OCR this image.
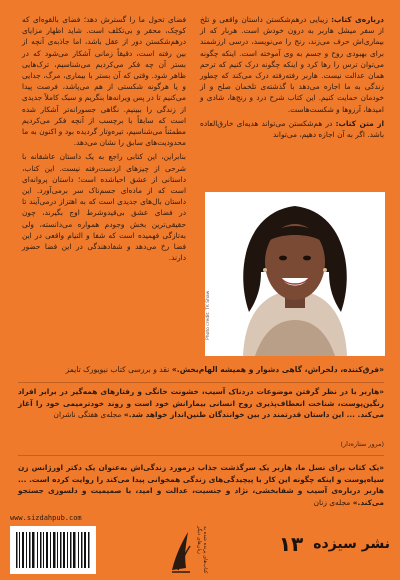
درباره‌ی کتاب: زیبایی درهم‌شکستن داستان واقعی و تلخ از سفر میشل هاربر به درون خودش است. هربار که از بیماری‌اش حرف می‌زند، رنج را می‌نویسد، درسی ارزشمند برای بهبودی روح و جسم به وی آموخته است. اینکه چگونه می‌توان ترس را رها کرد و اینکه چگونه درک کنیم که ترحم همان عدالت نیست. هاربر رفته‌رفته درک می‌کند که چطور زندگی به ما اجازه می‌دهد با گذشته‌ی تلخمان صلح و از خودمان حمایت کنیم. این کتاب شرح درد و رنج‌ها، شادی و امیدها، آرزوها و شکست‌هاست.

از متن کتاب: در هم‌شکستن می‌تواند هدیه‌ای خارق‌العاده باشد. اگر به آن اجازه دهیم، می‌تواند

فضای تحول ما را گسترش دهد؛ فضای بالقوه‌ای که کوچک، محقر و بی‌تکلف است. شاید اظهار مزایای درهم‌شکستن دور از عقل باشد، اما جاذبه‌ی آنچه از بین رفته است، دقیقاً زمانی آشکار می‌شود که در بستر آن چه فکر می‌کردیم می‌شناسیم، ترک‌هایی ظاهر شود. وقتی که آن بستر با بیماری، مرگ، جدایی و یا هرگونه شکستی از هم می‌پاشد، فرصت پیدا می‌کنیم تا در پس ویرانه‌ها بنگریم و سبک کاملاً جدیدی از زندگی را ببینیم. نگاهی جسورانه‌تر آشکار شده است که سابقاً با برچسب از آنچه فکر می‌کردیم مطمئناً می‌شناسیم، تیره‌وتار گردیده بود و اکنون به ما محدودیت‌های سابق را نشان می‌دهد.

بنابراین، این کتابی راجع به یک داستان عاشقانه با شرحی از چیزهای ازدست‌رفته نیست. این کتاب، داستانی از عشق احیاشده است؛ داستان پروانه‌ای است که از ماده‌ای جسم‌ناک سر برمی‌آورد. این داستان بال‌های جدیدی است که به اهتزاز درمی‌آیند تا در فضای عشق بی‌قیدوشرط اوج بگیرند، چون حقیقی‌ترین بخش وجودم همواره می‌دانسته، ولی به‌تازگی فهمیده است که شفا و التیام واقعی در این فضا رخ می‌دهد و شفادهندگی در این فضا حضور دارند.

Photo credit: TK Shaw
«فرق‌کننده، دلخراش، گاهی دشوار و همیشه الهام‌بخش.» نقد و بررسی کتاب نیویورک تایمز
«هاربر با در نظر گرفتن موضوعات دردناک آسیب، خشونت خانگی و رفتارهای همه‌گیر در برابر افراد رنگین‌پوست، شناخت انعطاف‌پذیری روح انسانی بیمارانش خود است و روند خودترمیمی خود را آغاز می‌کند. ... این داستان قدرتمند در بین خوانندگان طنین‌انداز خواهد شد.» مجله‌ی هفتگی ناشران
(مرور ستاره‌دار)
«یک کتاب برای نسل ما، هاربر یک سرگذشت جذاب درمورد زندگی‌اش به‌عنوان یک دکتر اورژانس زن سیاه‌پوست و اینکه چگونه این کار با پیچیدگی‌های زندگی همخوانی پیدا می‌کند را روایت کرده است. ... هاربر درباره‌ی آسیب و شفابخشی، نژاد و جنسیت، عدالت و امید، با صمیمیت و دلسوزی جستجو می‌کند.» مجله‌ی زنان
www.sizdahpub.com
کتاب‌های پرنده شده به زبان‌های دیگر	نشر سیزده
۱۳
